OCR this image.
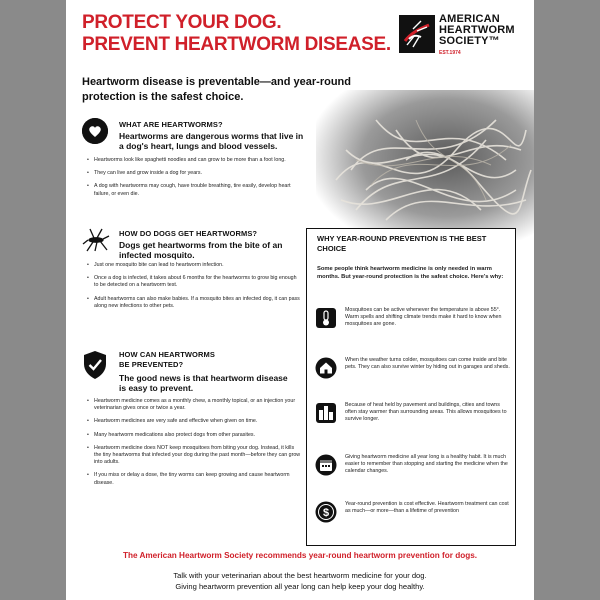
PROTECT YOUR DOG.
PREVENT HEARTWORM DISEASE.
AMERICAN
HEARTWORM
SOCIETY™
EST.1974
Heartworm disease is preventable—and year-round protection is the safest choice.
WHAT ARE HEARTWORMS?
Heartworms are dangerous worms that live in a dog's heart, lungs and blood vessels.
• Heartworms look like spaghetti noodles and can grow to be more than a foot long.
• They can live and grow inside a dog for years.
• A dog with heartworms may cough, have trouble breathing, tire easily, develop heart failure, or even die.
HOW DO DOGS GET HEARTWORMS?
Dogs get heartworms from the bite of an infected mosquito.
• Just one mosquito bite can lead to heartworm infection.
• Once a dog is infected, it takes about 6 months for the heartworms to grow big enough to be detected on a heartworm test.
• Adult heartworms can also make babies. If a mosquito bites an infected dog, it can pass along new infections to other pets.
HOW CAN HEARTWORMS
BE PREVENTED?
The good news is that heartworm disease is easy to prevent.
• Heartworm medicine comes as a monthly chew, a monthly topical, or an injection your veterinarian gives once or twice a year.
• Heartworm medicines are very safe and effective when given on time.
• Many heartworm medications also protect dogs from other parasites.
• Heartworm medicine does NOT keep mosquitoes from biting your dog. Instead, it kills the tiny heartworms that infected your dog during the past month—before they can grow into adults.
• If you miss or delay a dose, the tiny worms can keep growing and cause heartworm disease.
WHY YEAR-ROUND PREVENTION IS THE BEST CHOICE
Some people think heartworm medicine is only needed in warm months. But year-round protection is the safest choice. Here's why:
Mosquitoes can be active whenever the temperature is above 55°. Warm spells and shifting climate trends make it hard to know when mosquitoes are gone.
When the weather turns colder, mosquitoes can come inside and bite pets. They can also survive winter by hiding out in garages and sheds.
Because of heat held by pavement and buildings, cities and towns often stay warmer than surrounding areas. This allows mosquitoes to survive longer.
Giving heartworm medicine all year long is a healthy habit. It is much easier to remember than stopping and starting the medicine when the calendar changes.
$
Year-round prevention is cost effective. Heartworm treatment can cost as much—or more—than a lifetime of prevention
The American Heartworm Society recommends year-round heartworm prevention for dogs.
Talk with your veterinarian about the best heartworm medicine for your dog.
Giving heartworm prevention all year long can help keep your dog healthy.
